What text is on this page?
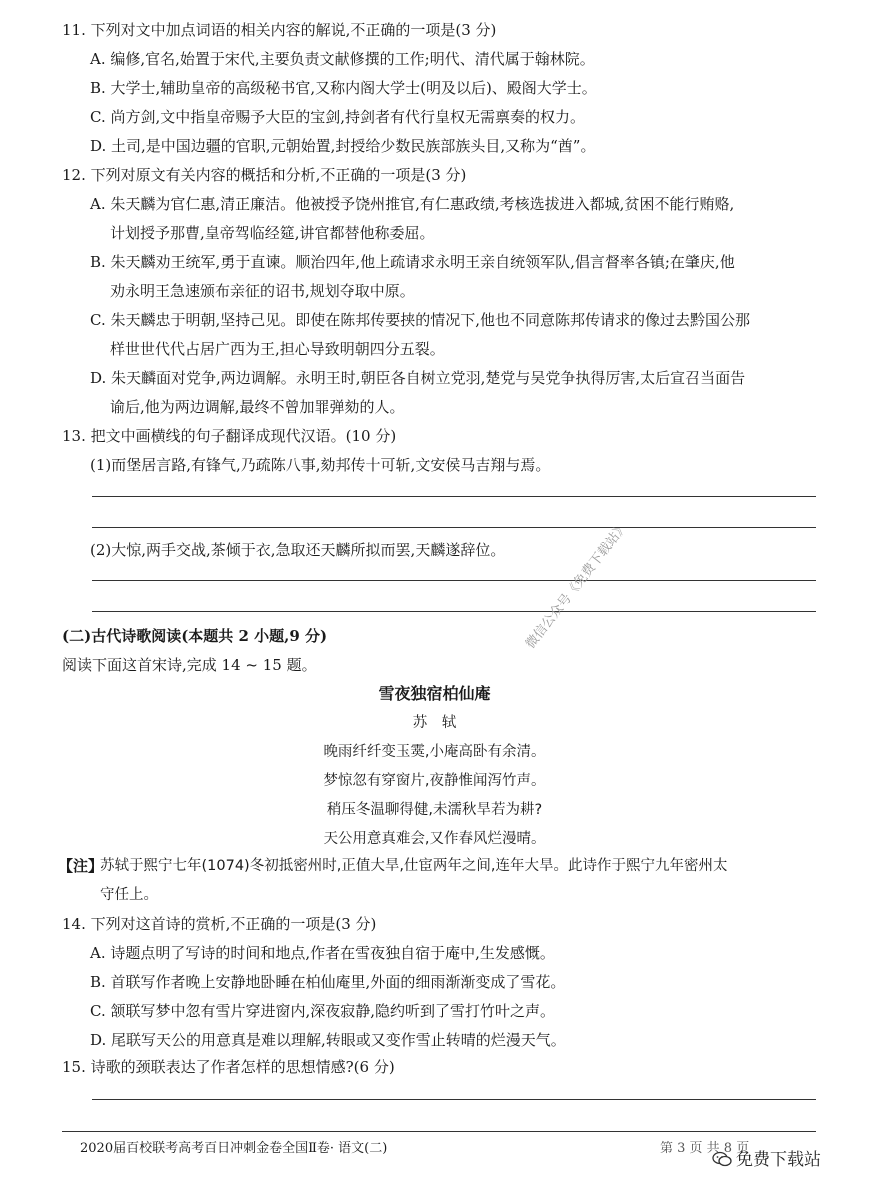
11. 下列对文中加点词语的相关内容的解说,不正确的一项是(3 分)
A. 编修,官名,始置于宋代,主要负责文献修撰的工作;明代、清代属于翰林院。
B. 大学士,辅助皇帝的高级秘书官,又称内阁大学士(明及以后)、殿阁大学士。
C. 尚方剑,文中指皇帝赐予大臣的宝剑,持剑者有代行皇权无需禀奏的权力。
D. 土司,是中国边疆的官职,元朝始置,封授给少数民族部族头目,又称为“酋”。
12. 下列对原文有关内容的概括和分析,不正确的一项是(3 分)
A. 朱天麟为官仁惠,清正廉洁。他被授予饶州推官,有仁惠政绩,考核选拔进入都城,贫困不能行贿赂,
计划授予那曹,皇帝驾临经筵,讲官都替他称委屈。
B. 朱天麟劝王统军,勇于直谏。顺治四年,他上疏请求永明王亲自统领军队,倡言督率各镇;在肇庆,他
劝永明王急速颁布亲征的诏书,规划夺取中原。
C. 朱天麟忠于明朝,坚持己见。即使在陈邦传要挟的情况下,他也不同意陈邦传请求的像过去黔国公那
样世世代代占居广西为王,担心导致明朝四分五裂。
D. 朱天麟面对党争,两边调解。永明王时,朝臣各自树立党羽,楚党与吴党争执得厉害,太后宣召当面告
谕后,他为两边调解,最终不曾加罪弹劾的人。
13. 把文中画横线的句子翻译成现代汉语。(10 分)
(1)而堡居言路,有锋气,乃疏陈八事,劾邦传十可斩,文安侯马吉翔与焉。
(2)大惊,两手交战,茶倾于衣,急取还天麟所拟而罢,天麟遂辞位。
(二)古代诗歌阅读(本题共 2 小题,9 分)
阅读下面这首宋诗,完成 14 ~ 15 题。
雪夜独宿柏仙庵
苏　轼
晚雨纤纤变玉霙,小庵高卧有余清。
梦惊忽有穿窗片,夜静惟闻泻竹声。
稍压冬温聊得健,未濡秋旱若为耕?
天公用意真难会,又作春风烂漫晴。
【注】
苏轼于熙宁七年(1074)冬初抵密州时,正值大旱,仕宦两年之间,连年大旱。此诗作于熙宁九年密州太
守任上。
14. 下列对这首诗的赏析,不正确的一项是(3 分)
A. 诗题点明了写诗的时间和地点,作者在雪夜独自宿于庵中,生发感慨。
B. 首联写作者晚上安静地卧睡在柏仙庵里,外面的细雨渐渐变成了雪花。
C. 颔联写梦中忽有雪片穿进窗内,深夜寂静,隐约听到了雪打竹叶之声。
D. 尾联写天公的用意真是难以理解,转眼或又变作雪止转晴的烂漫天气。
15. 诗歌的颈联表达了作者怎样的思想情感?(6 分)
2020届百校联考高考百日冲刺金卷全国Ⅱ卷· 语文(二)	第 3 页 共 8 页
微信公众号《免费下载站》
免费下载站
